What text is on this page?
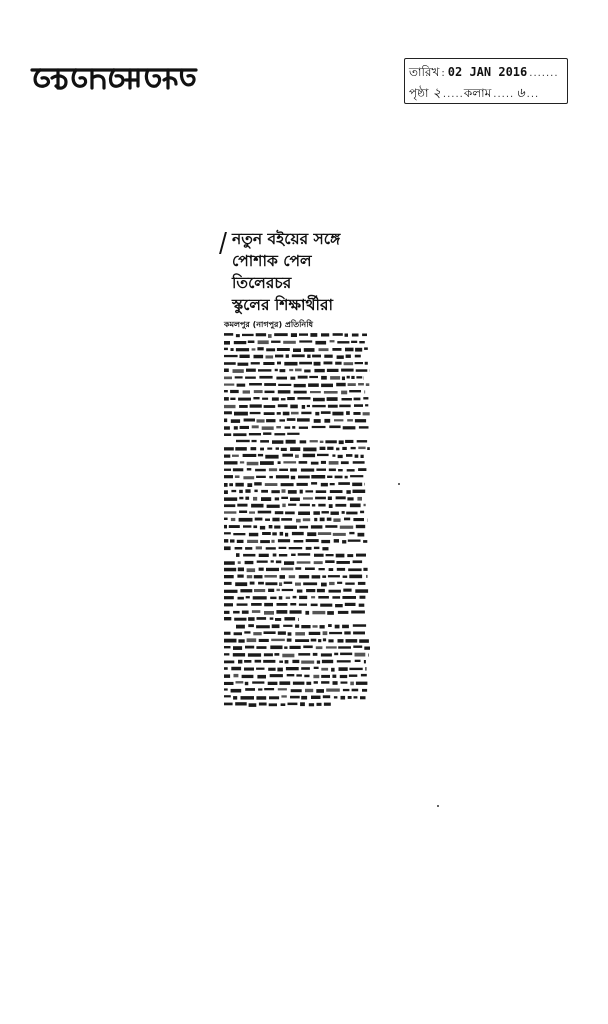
তারিখ : 02 JAN 2016 .......
পৃষ্ঠা ২ ..... কলাম ..... ৬ ...
নতুন বইয়ের সঙ্গে
পোশাক পেল
তিলেরচর
স্কুলের শিক্ষার্থীরা

কমলপুর (নাগপুর) প্রতিনিধি
